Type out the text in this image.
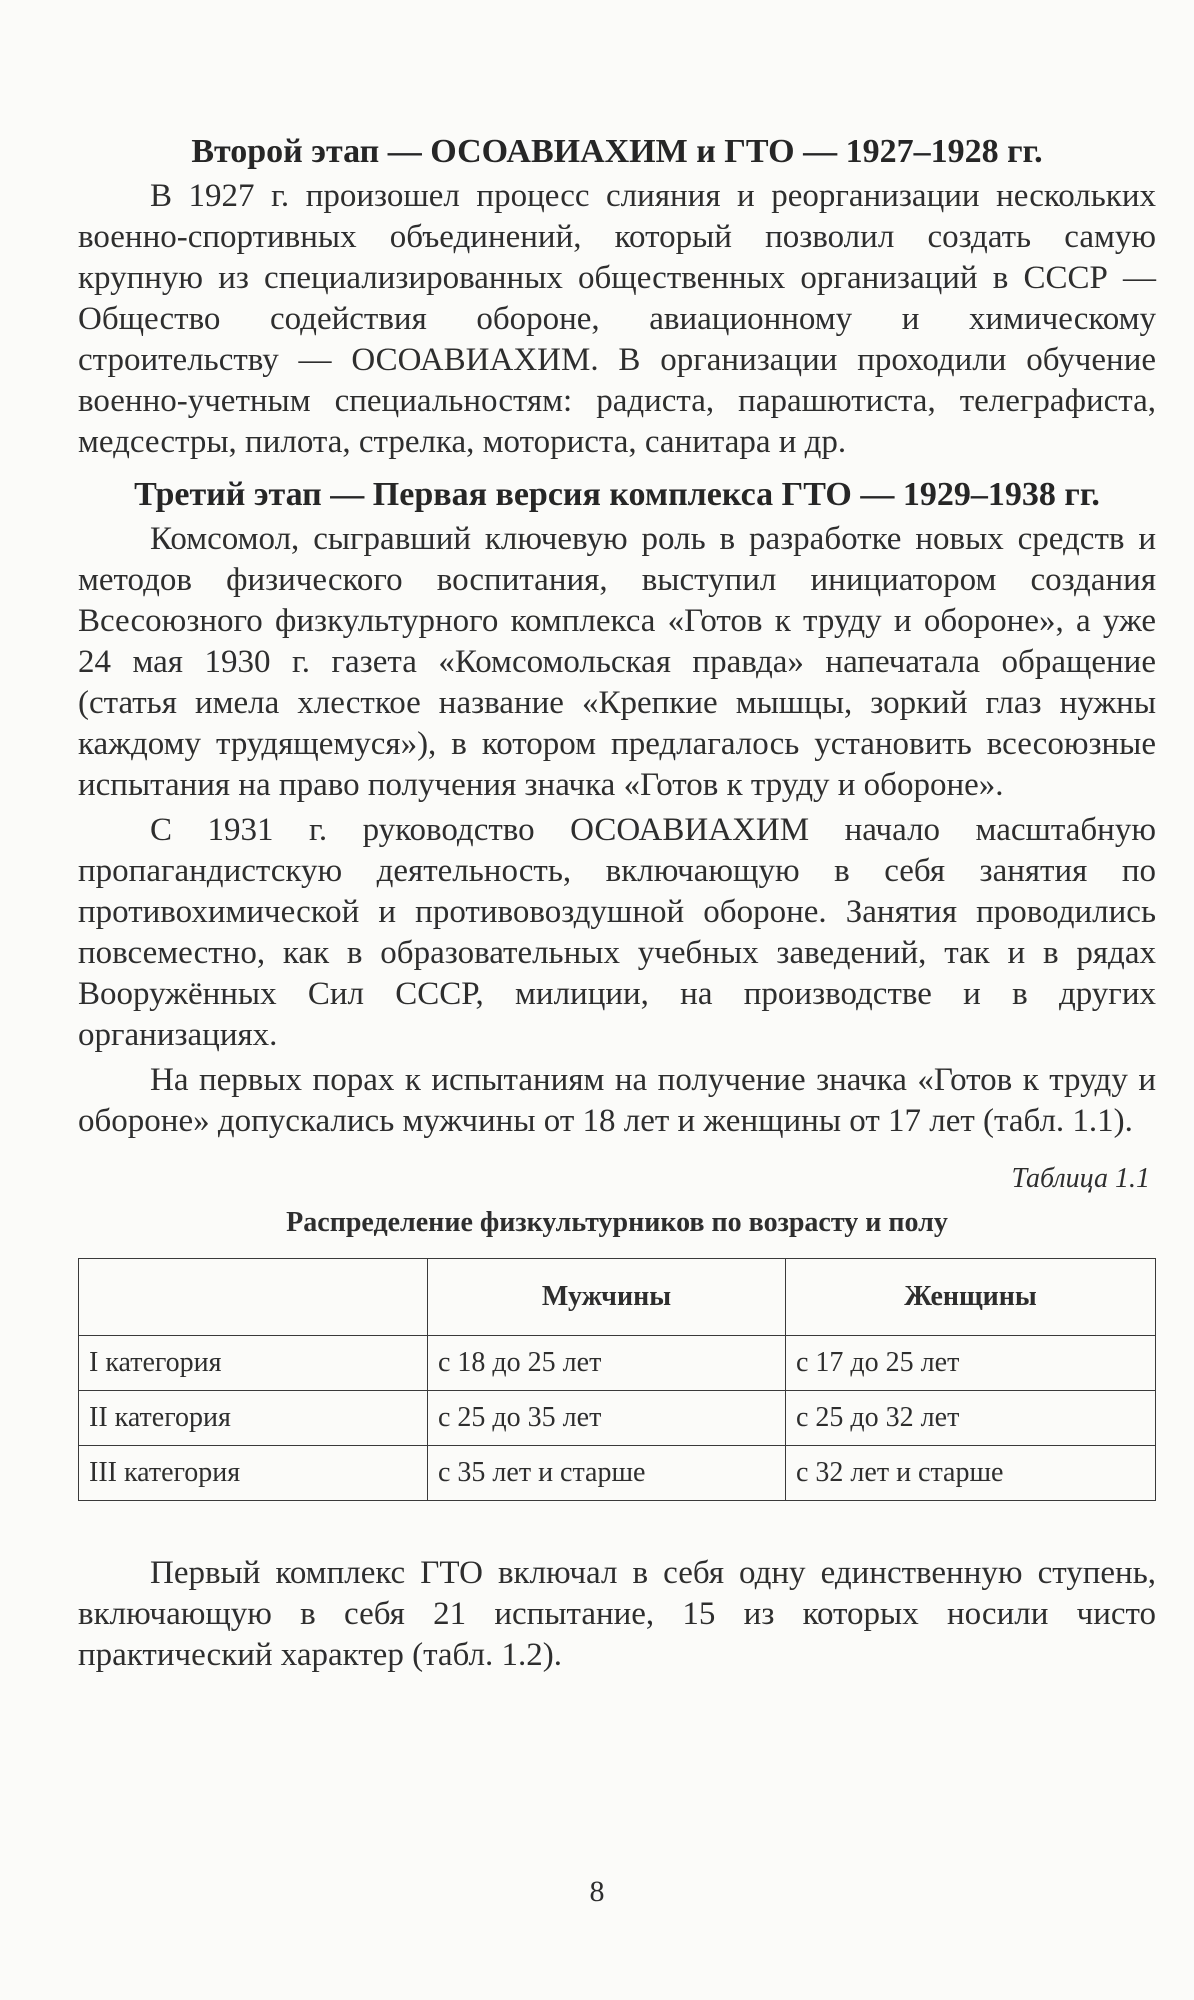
Второй этап — ОСОАВИАХИМ и ГТО — 1927–1928 гг.

В 1927 г. произошел процесс слияния и реорганизации нескольких военно-спортивных объединений, который позволил создать самую крупную из специализированных общественных организаций в СССР — Общество содействия обороне, авиационному и химическому строительству — ОСОАВИАХИМ. В организации проходили обучение военно-учетным специальностям: радиста, парашютиста, телеграфиста, медсестры, пилота, стрелка, моториста, санитара и др.

Третий этап — Первая версия комплекса ГТО — 1929–1938 гг.

Комсомол, сыгравший ключевую роль в разработке новых средств и методов физического воспитания, выступил инициатором создания Всесоюзного физкультурного комплекса «Готов к труду и обороне», а уже 24 мая 1930 г. газета «Комсомольская правда» напечатала обращение (статья имела хлесткое название «Крепкие мышцы, зоркий глаз нужны каждому трудящемуся»), в котором предлагалось установить всесоюзные испытания на право получения значка «Готов к труду и обороне».

С 1931 г. руководство ОСОАВИАХИМ начало масштабную пропагандистскую деятельность, включающую в себя занятия по противохимической и противовоздушной обороне. Занятия проводились повсеместно, как в образовательных учебных заведений, так и в рядах Вооружённых Сил СССР, милиции, на производстве и в других организациях.

На первых порах к испытаниям на получение значка «Готов к труду и обороне» допускались мужчины от 18 лет и женщины от 17 лет (табл. 1.1).

Таблица 1.1
Распределение физкультурников по возрасту и полу
	Мужчины	Женщины
I категория	с 18 до 25 лет	с 17 до 25 лет
II категория	с 25 до 35 лет	с 25 до 32 лет
III категория	с 35 лет и старше	с 32 лет и старше

Первый комплекс ГТО включал в себя одну единственную ступень, включающую в себя 21 испытание, 15 из которых носили чисто практический характер (табл. 1.2).

8
